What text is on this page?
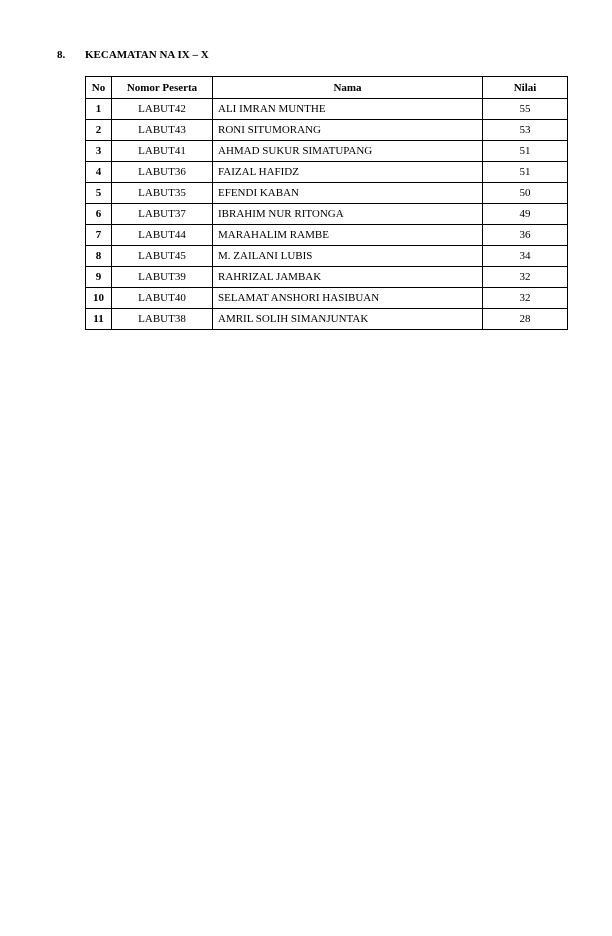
8. KECAMATAN NA IX – X
No	Nomor Peserta	Nama	Nilai
1	LABUT42	ALI IMRAN MUNTHE	55
2	LABUT43	RONI SITUMORANG	53
3	LABUT41	AHMAD SUKUR SIMATUPANG	51
4	LABUT36	FAIZAL HAFIDZ	51
5	LABUT35	EFENDI KABAN	50
6	LABUT37	IBRAHIM NUR RITONGA	49
7	LABUT44	MARAHALIM RAMBE	36
8	LABUT45	M. ZAILANI LUBIS	34
9	LABUT39	RAHRIZAL JAMBAK	32
10	LABUT40	SELAMAT ANSHORI HASIBUAN	32
11	LABUT38	AMRIL SOLIH SIMANJUNTAK	28
